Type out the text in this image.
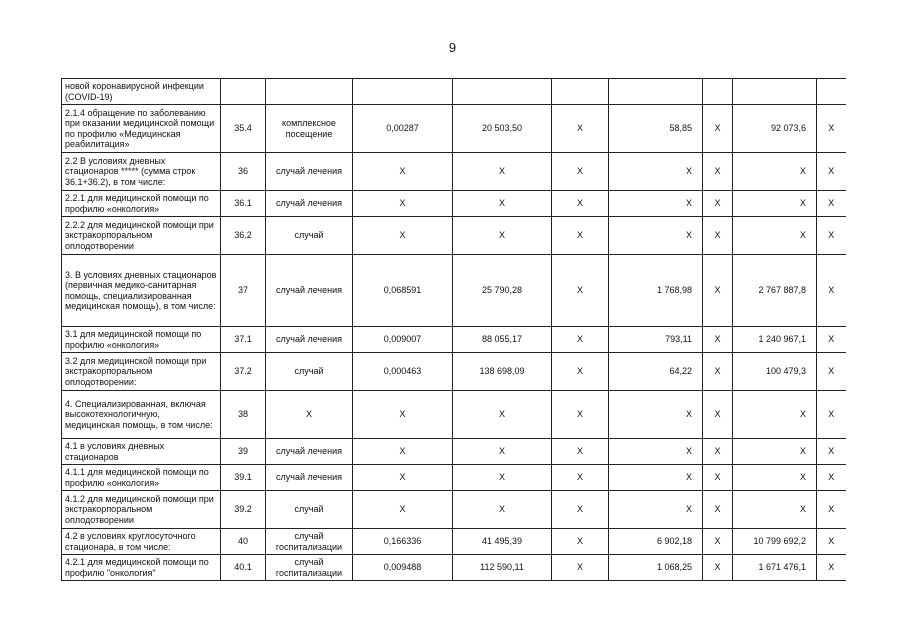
9
новой коронавирусной инфекции (COVID-19)									
2.1.4 обращение по заболеванию при оказании медицинской помощи по профилю «Медицинская реабилитация»	35.4	комплексное посещение	0,00287	20 503,50	X	58,85	X	92 073,6	X
2.2 В условиях дневных стационаров ***** (сумма строк 36.1+36.2), в том числе:	36	случай лечения	X	X	X	X	X	X	X
2.2.1 для медицинской помощи по профилю «онкология»	36.1	случай лечения	X	X	X	X	X	X	X
2.2.2 для медицинской помощи при экстракорпоральном оплодотворении	36.2	случай	X	X	X	X	X	X	X
3. В условиях дневных стационаров (первичная медико-санитарная помощь, специализированная медицинская помощь), в том числе:	37	случай лечения	0,068591	25 790,28	X	1 768,98	X	2 767 887,8	X
3.1 для медицинской помощи по профилю «онкология»	37.1	случай лечения	0,009007	88 055,17	X	793,11	X	1 240 967,1	X
3.2 для медицинской помощи при экстракорпоральном оплодотворении:	37.2	случай	0,000463	138 698,09	X	64,22	X	100 479,3	X
4. Специализированная, включая высокотехнологичную, медицинская помощь, в том числе:	38	X	X	X	X	X	X	X	X
4.1 в условиях дневных стационаров	39	случай лечения	X	X	X	X	X	X	X
4.1.1 для медицинской помощи по профилю «онкология»	39.1	случай лечения	X	X	X	X	X	X	X
4.1.2 для медицинской помощи при экстракорпоральном оплодотворении	39.2	случай	X	X	X	X	X	X	X
4.2 в условиях круглосуточного стационара, в том числе:	40	случай госпитализации	0,166336	41 495,39	X	6 902,18	X	10 799 692,2	X
4.2.1 для медицинской помощи по профилю "онкология"	40.1	случай госпитализации	0,009488	112 590,11	X	1 068,25	X	1 671 476,1	X
